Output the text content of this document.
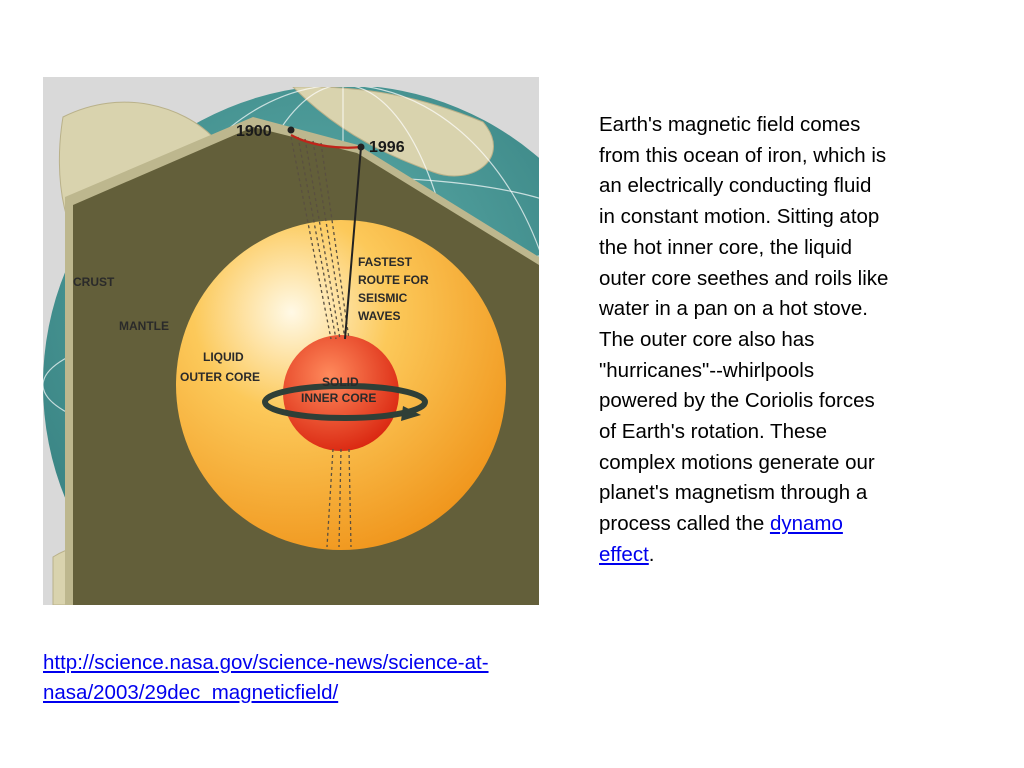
1900
1996
CRUST
MANTLE
LIQUID
OUTER CORE	SOLID
INNER CORE
FASTEST
ROUTE FOR
SEISMIC
WAVES

Earth's magnetic field comes from this ocean of iron, which is an electrically conducting fluid in constant motion. Sitting atop the hot inner core, the liquid outer core seethes and roils like water in a pan on a hot stove. The outer core also has "hurricanes"--whirlpools powered by the Coriolis forces of Earth's rotation. These complex motions generate our planet's magnetism through a process called the dynamo effect.

http://science.nasa.gov/science-news/science-at-nasa/2003/29dec_magneticfield/
